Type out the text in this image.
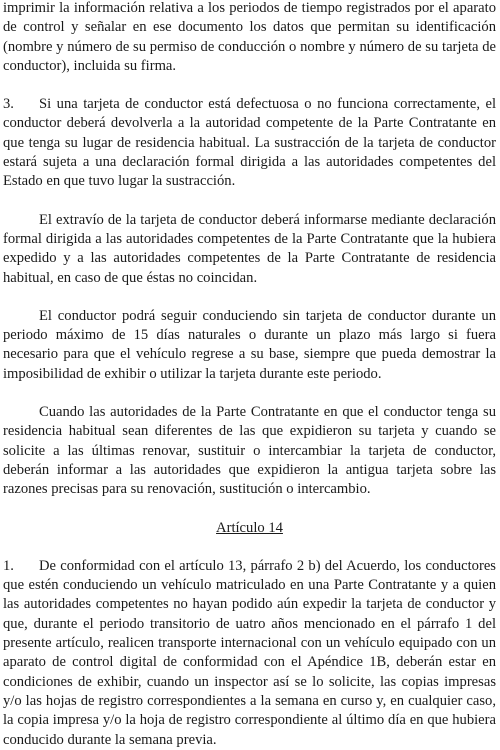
imprimir la información relativa a los periodos de tiempo registrados por el aparato de control y señalar en ese documento los datos que permitan su identificación (nombre y número de su permiso de conducción o nombre y número de su tarjeta de conductor), incluida su firma.

3. Si una tarjeta de conductor está defectuosa o no funciona correctamente, el conductor deberá devolverla a la autoridad competente de la Parte Contratante en que tenga su lugar de residencia habitual. La sustracción de la tarjeta de conductor estará sujeta a una declaración formal dirigida a las autoridades competentes del Estado en que tuvo lugar la sustracción.

El extravío de la tarjeta de conductor deberá informarse mediante declaración formal dirigida a las autoridades competentes de la Parte Contratante que la hubiera expedido y a las autoridades competentes de la Parte Contratante de residencia habitual, en caso de que éstas no coincidan.

El conductor podrá seguir conduciendo sin tarjeta de conductor durante un periodo máximo de 15 días naturales o durante un plazo más largo si fuera necesario para que el vehículo regrese a su base, siempre que pueda demostrar la imposibilidad de exhibir o utilizar la tarjeta durante este periodo.

Cuando las autoridades de la Parte Contratante en que el conductor tenga su residencia habitual sean diferentes de las que expidieron su tarjeta y cuando se solicite a las últimas renovar, sustituir o intercambiar la tarjeta de conductor, deberán informar a las autoridades que expidieron la antigua tarjeta sobre las razones precisas para su renovación, sustitución o intercambio.

Artículo 14

1. De conformidad con el artículo 13, párrafo 2 b) del Acuerdo, los conductores que estén conduciendo un vehículo matriculado en una Parte Contratante y a quien las autoridades competentes no hayan podido aún expedir la tarjeta de conductor y que, durante el periodo transitorio de uatro años mencionado en el párrafo 1 del presente artículo, realicen transporte internacional con un vehículo equipado con un aparato de control digital de conformidad con el Apéndice 1B, deberán estar en condiciones de exhibir, cuando un inspector así se lo solicite, las copias impresas y/o las hojas de registro correspondientes a la semana en curso y, en cualquier caso, la copia impresa y/o la hoja de registro correspondiente al último día en que hubiera conducido durante la semana previa.
